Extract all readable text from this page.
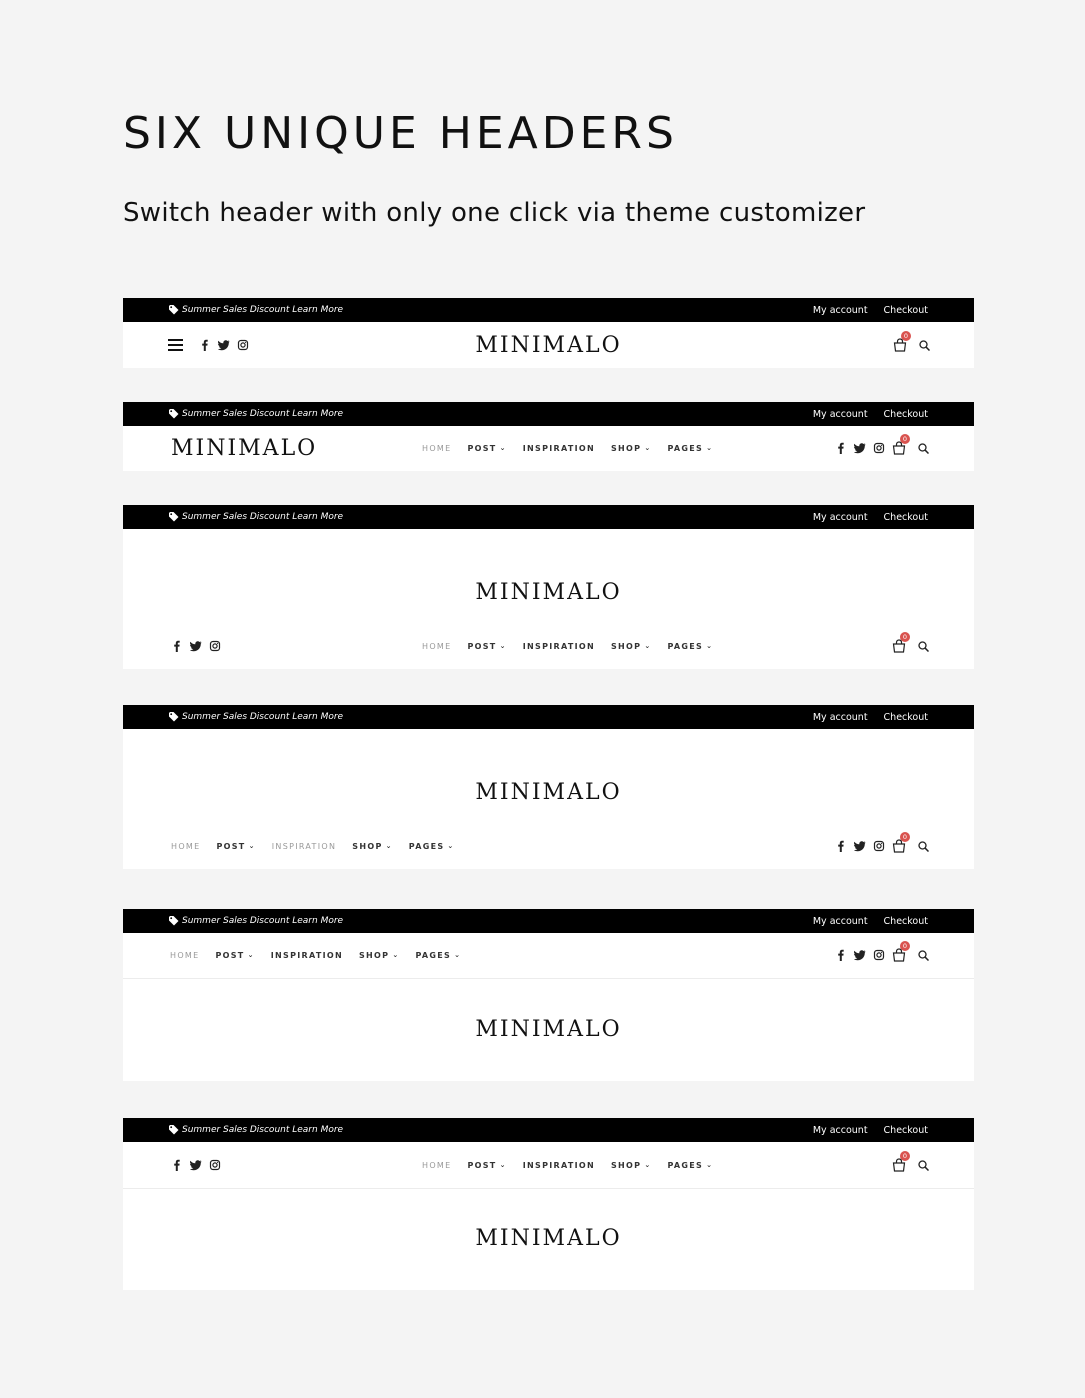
SIX UNIQUE HEADERS

Switch header with only one click via theme customizer

Summer Sales Discount Learn More	My account Checkout
MINIMALO	0
Summer Sales Discount Learn More	My account Checkout
MINIMALO	HOME POST ⌄ INSPIRATION SHOP ⌄ PAGES ⌄
0
Summer Sales Discount Learn More	My account Checkout
MINIMALO
HOME POST ⌄ INSPIRATION SHOP ⌄ PAGES ⌄
0
Summer Sales Discount Learn More	My account Checkout
MINIMALO
HOME POST ⌄ INSPIRATION SHOP ⌄ PAGES ⌄
0
Summer Sales Discount Learn More	My account Checkout
HOME POST ⌄ INSPIRATION SHOP ⌄ PAGES ⌄
0
MINIMALO
Summer Sales Discount Learn More	My account Checkout
HOME POST ⌄ INSPIRATION SHOP ⌄ PAGES ⌄
0
MINIMALO
